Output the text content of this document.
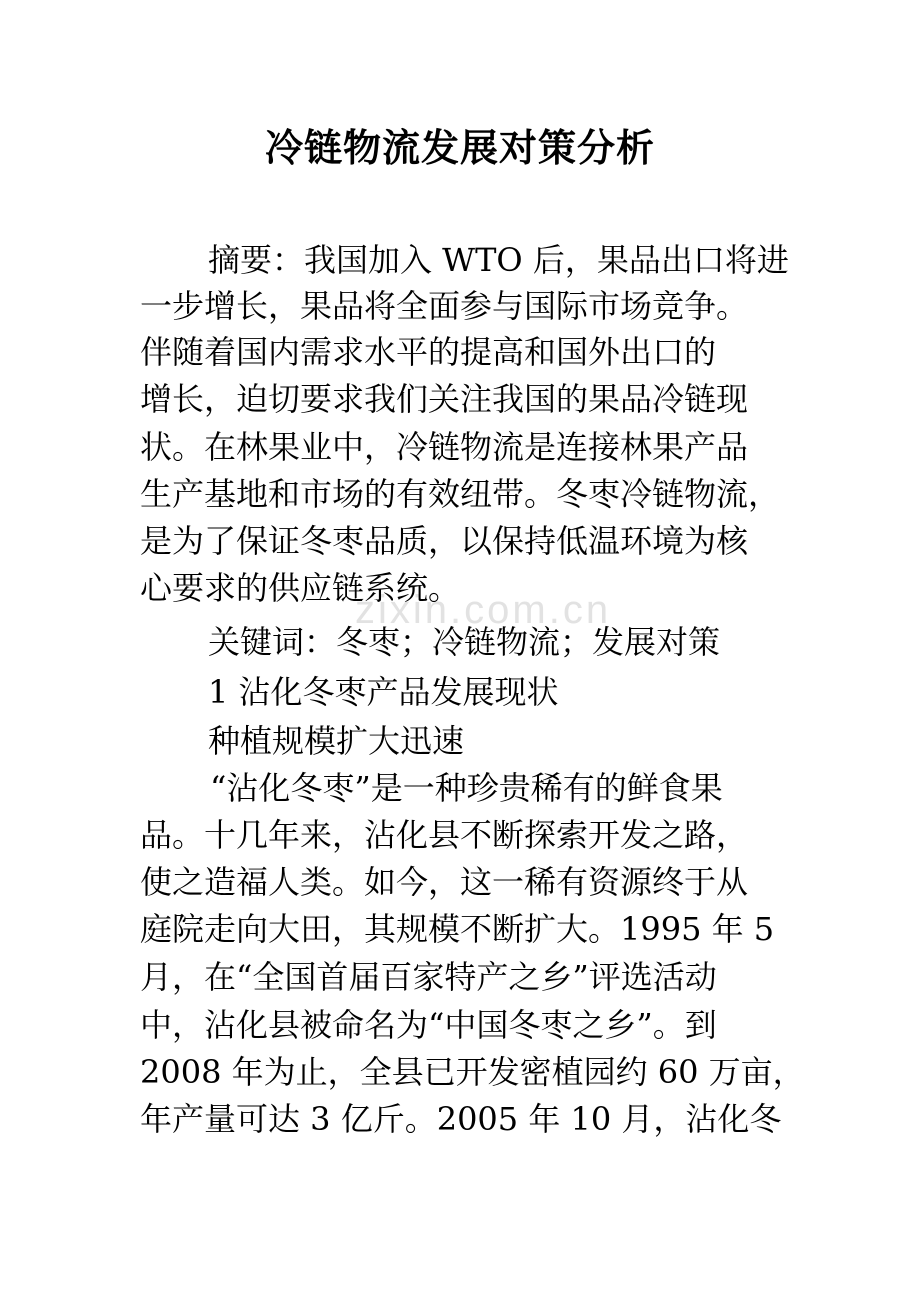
冷链物流发展对策分析
zixin.com.cn
摘要：我国加入 WTO 后，果品出口将进
一步增长，果品将全面参与国际市场竞争。
伴随着国内需求水平的提高和国外出口的
增长，迫切要求我们关注我国的果品冷链现
状。在林果业中，冷链物流是连接林果产品
生产基地和市场的有效纽带。冬枣冷链物流，
是为了保证冬枣品质，以保持低温环境为核
心要求的供应链系统。
关键词：冬枣；冷链物流；发展对策
1 沾化冬枣产品发展现状
种植规模扩大迅速
“沾化冬枣”是一种珍贵稀有的鲜食果
品。十几年来，沾化县不断探索开发之路，
使之造福人类。如今，这一稀有资源终于从
庭院走向大田，其规模不断扩大。1995 年 5
月，在“全国首届百家特产之乡”评选活动
中，沾化县被命名为“中国冬枣之乡”。到
2008 年为止，全县已开发密植园约 60 万亩，
年产量可达 3 亿斤。2005 年 10 月，沾化冬
